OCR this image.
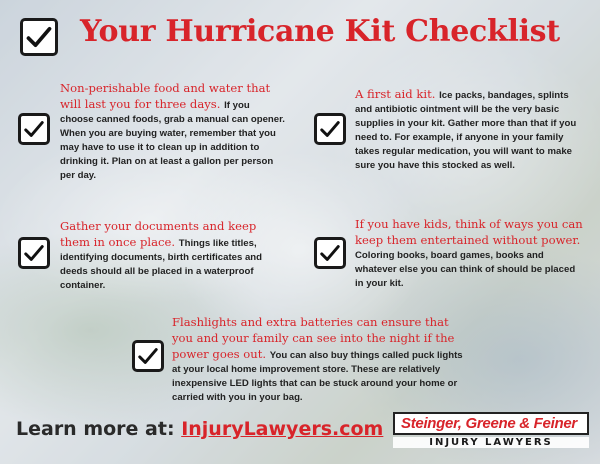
Your Hurricane Kit Checklist
Non-perishable food and water that will last you for three days. If you choose canned foods, grab a manual can opener. When you are buying water, remember that you may have to use it to clean up in addition to drinking it. Plan on at least a gallon per person per day.
A first aid kit. Ice packs, bandages, splints and antibiotic ointment will be the very basic supplies in your kit. Gather more than that if you need to. For example, if anyone in your family takes regular medication, you will want to make sure you have this stocked as well.
Gather your documents and keep them in once place. Things like titles, identifying documents, birth certificates and deeds should all be placed in a waterproof container.
If you have kids, think of ways you can keep them entertained without power. Coloring books, board games, books and whatever else you can think of should be placed in your kit.
Flashlights and extra batteries can ensure that you and your family can see into the night if the power goes out. You can also buy things called puck lights at your local home improvement store. These are relatively inexpensive LED lights that can be stuck around your home or carried with you in your bag.
Learn more at: InjuryLawyers.com	Steinger, Greene & Feiner
INJURY LAWYERS
